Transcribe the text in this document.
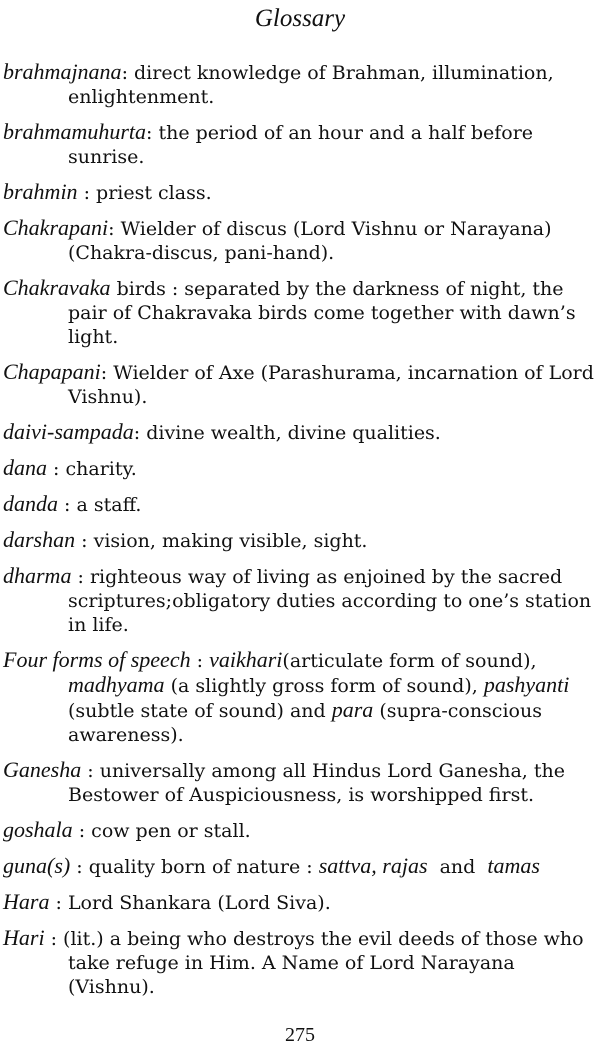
Glossary

brahmajnana: direct knowledge of Brahman, illumination, enlightenment.

brahmamuhurta: the period of an hour and a half before sunrise.

brahmin : priest class.

Chakrapani: Wielder of discus (Lord Vishnu or Narayana) (Chakra-discus, pani-hand).

Chakravaka birds : separated by the darkness of night, the pair of Chakravaka birds come together with dawn’s light.

Chapapani: Wielder of Axe (Parashurama, incarnation of Lord Vishnu).

daivi-sampada: divine wealth, divine qualities.

dana : charity.

danda : a staff.

darshan : vision, making visible, sight.

dharma : righteous way of living as enjoined by the sacred scriptures;obligatory duties according to one’s station in life.

Four forms of speech : vaikhari(articulate form of sound), madhyama (a slightly gross form of sound), pashyanti (subtle state of sound) and para (supra-conscious awareness).

Ganesha : universally among all Hindus Lord Ganesha, the Bestower of Auspiciousness, is worshipped first.

goshala : cow pen or stall.

guna(s) : quality born of nature : sattva, rajas  and  tamas

Hara : Lord Shankara (Lord Siva).

Hari : (lit.) a being who destroys the evil deeds of those who take refuge in Him. A Name of Lord Narayana (Vishnu).

275
